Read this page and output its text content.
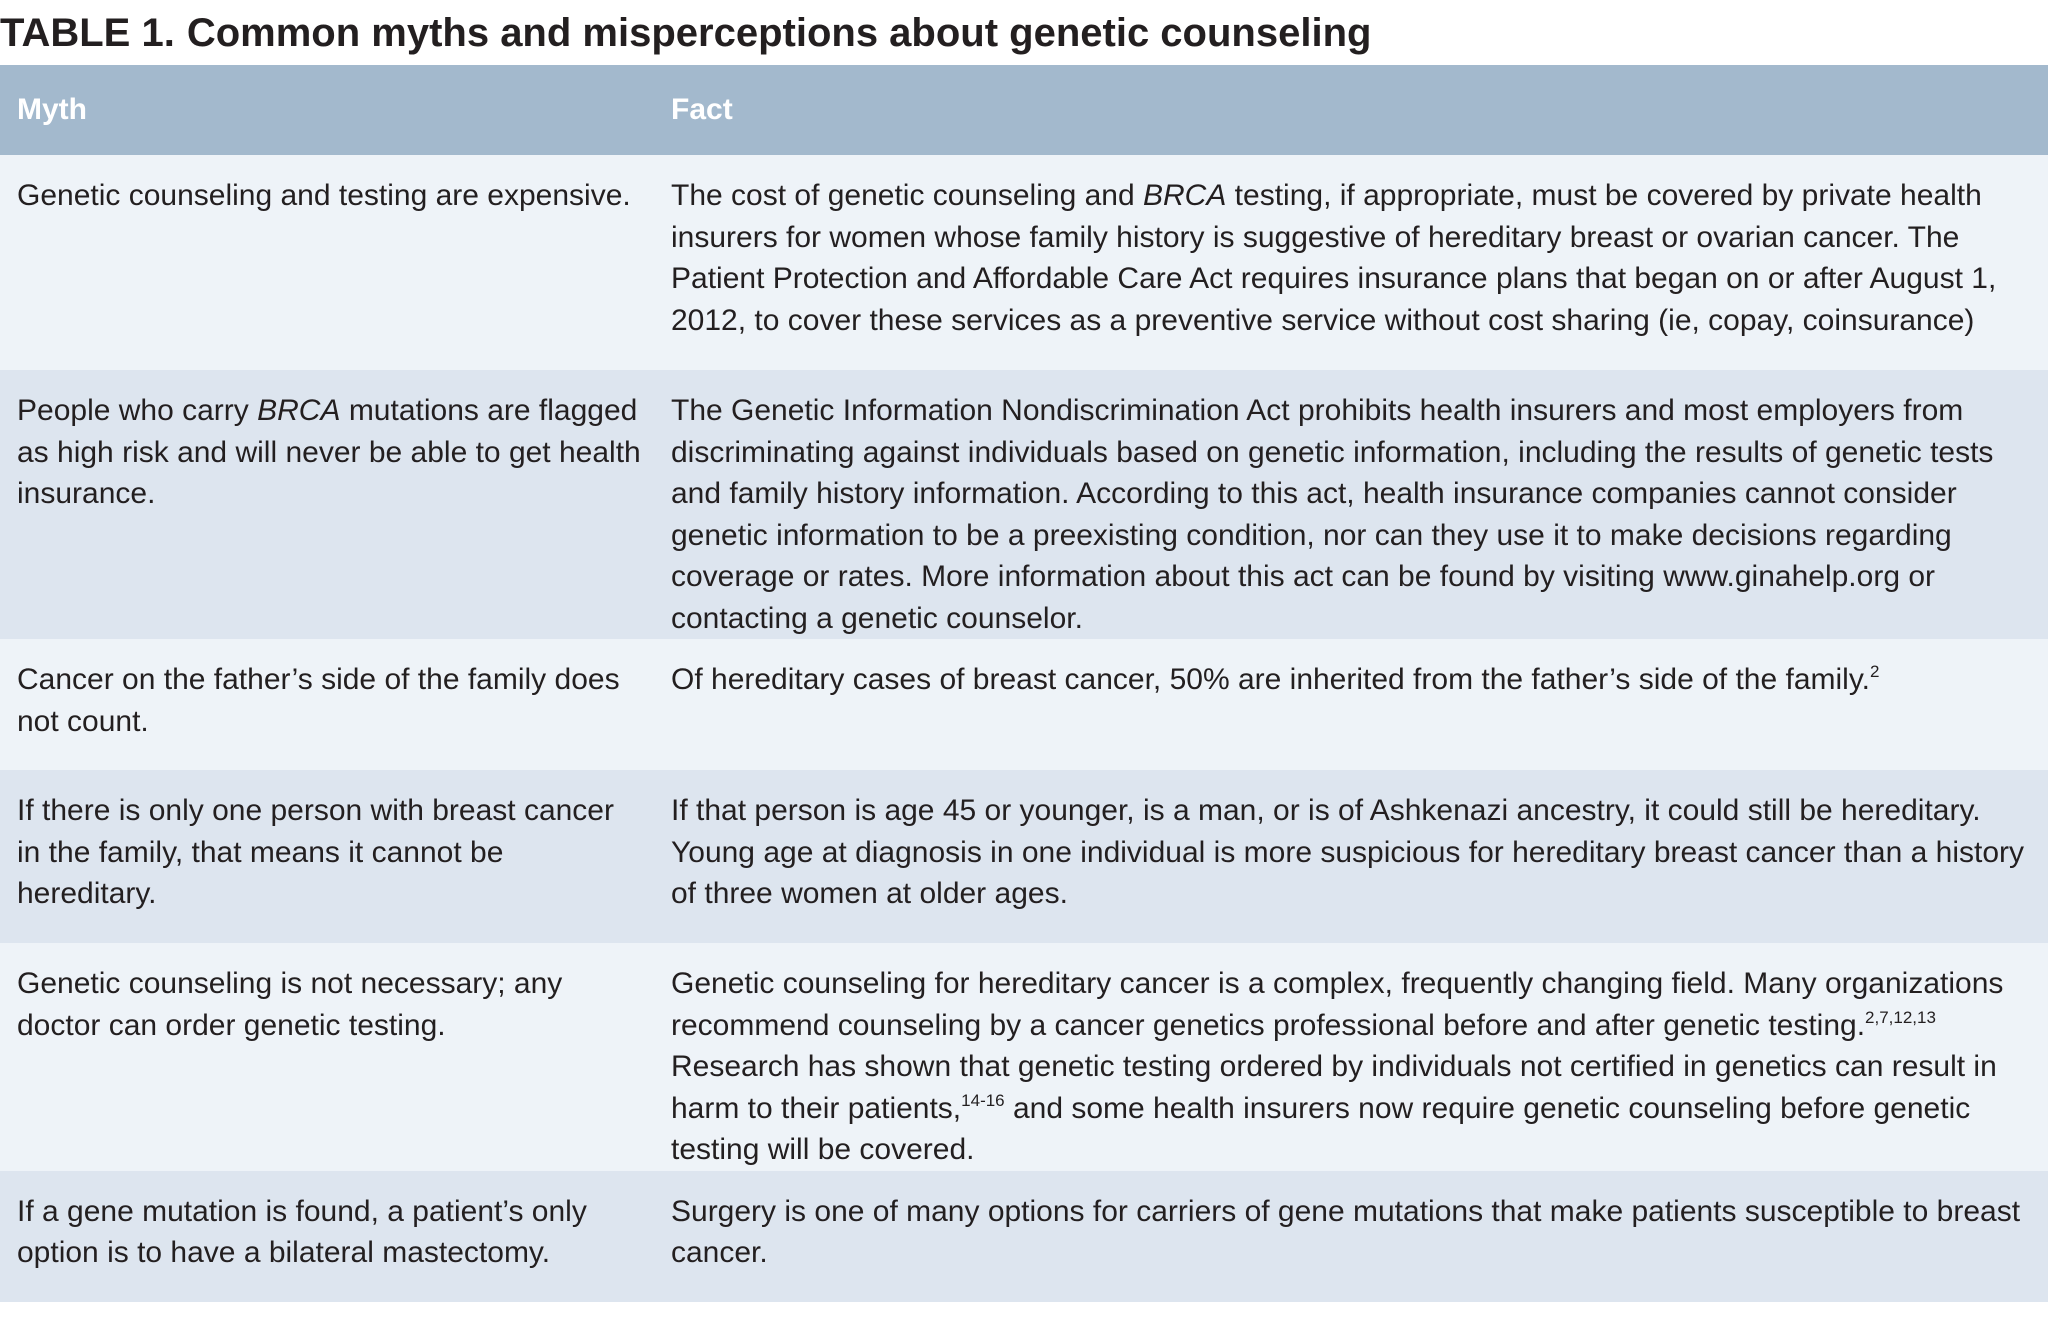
TABLE 1. Common myths and misperceptions about genetic counseling
Myth	Fact
Genetic counseling and testing are expensive.	The cost of genetic counseling and BRCA testing, if appropriate, must be covered by private health insurers for women whose family history is suggestive of hereditary breast or ovarian cancer. The Patient Protection and Affordable Care Act requires insurance plans that began on or after August 1, 2012, to cover these services as a preventive service without cost sharing (ie, copay, coinsurance)
People who carry BRCA mutations are flagged as high risk and will never be able to get health insurance.	The Genetic Information Nondiscrimination Act prohibits health insurers and most employers from discriminating against individuals based on genetic information, including the results of genetic tests and family history information. According to this act, health insurance companies cannot consider genetic information to be a preexisting condition, nor can they use it to make decisions regarding coverage or rates. More information about this act can be found by visiting www.ginahelp.org or contacting a genetic counselor.
Cancer on the father’s side of the family does not count.	Of hereditary cases of breast cancer, 50% are inherited from the father’s side of the family.$^2$
If there is only one person with breast cancer in the family, that means it cannot be hereditary.	If that person is age 45 or younger, is a man, or is of Ashkenazi ancestry, it could still be hereditary. Young age at diagnosis in one individual is more suspicious for hereditary breast cancer than a history of three women at older ages.
Genetic counseling is not necessary; any doctor can order genetic testing.	Genetic counseling for hereditary cancer is a complex, frequently changing field. Many organizations recommend counseling by a cancer genetics professional before and after genetic testing.$^{2,7,12,13}$ Research has shown that genetic testing ordered by individuals not certified in genetics can result in harm to their patients,$^{14-16}$ and some health insurers now require genetic counseling before genetic testing will be covered.
If a gene mutation is found, a patient’s only option is to have a bilateral mastectomy.	Surgery is one of many options for carriers of gene mutations that make patients susceptible to breast cancer.
